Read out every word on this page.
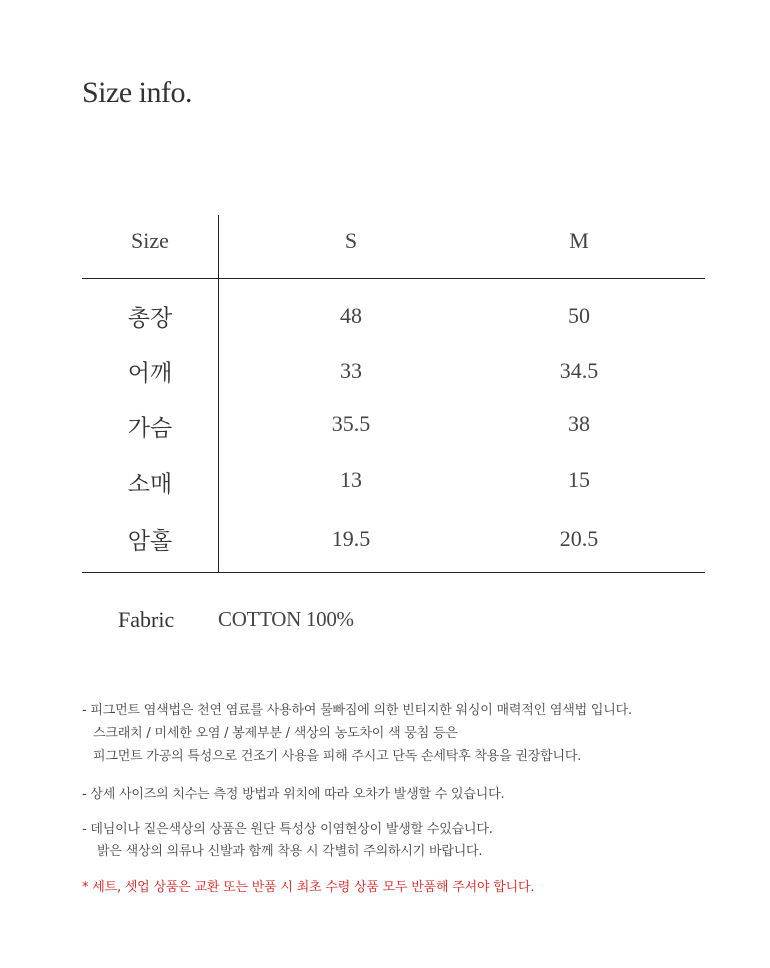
Size info.
Size	S	M
총장	48	50
어깨	33	34.5
가슴	35.5	38
소매	13	15
암홀	19.5	20.5
Fabric COTTON 100%
- 피그먼트 염색법은 천연 염료를 사용하여 물빠짐에 의한 빈티지한 워싱이 매력적인 염색법 입니다.
스크래치 / 미세한 오염 / 봉제부분 / 색상의 농도차이 색 뭉침 등은
피그먼트 가공의 특성으로 건조기 사용을 피해 주시고 단독 손세탁후 착용을 권장합니다.
- 상세 사이즈의 치수는 측정 방법과 위치에 따라 오차가 발생할 수 있습니다.
- 데님이나 짙은색상의 상품은 원단 특성상 이염현상이 발생할 수있습니다.
밝은 색상의 의류나 신발과 함께 착용 시 각별히 주의하시기 바랍니다.
* 세트, 셋업 상품은 교환 또는 반품 시 최초 수령 상품 모두 반품해 주셔야 합니다.
